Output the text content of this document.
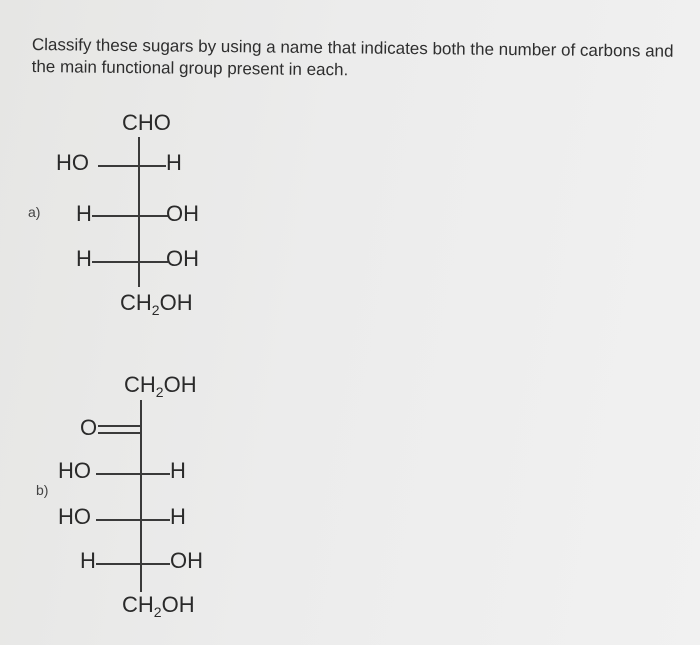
Classify these sugars by using a name that indicates both the number of carbons and

the main functional group present in each.

a)
CHO
HO	H
H	OH
H	OH
$CH_2OH$
b)
$CH_2OH$
O
HO	H
HO	H
H	OH
$CH_2OH$
